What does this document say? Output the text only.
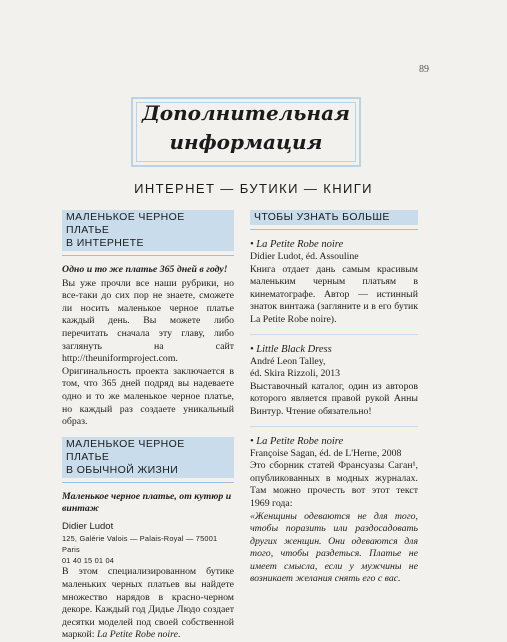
89
Дополнительная
информация
ИНТЕРНЕТ — БУТИКИ — КНИГИ
МАЛЕНЬКОЕ ЧЕРНОЕ ПЛАТЬЕ
В ИНТЕРНЕТЕ

Одно и то же платье 365 дней в году!

Вы уже прочли все наши рубрики, но все-таки до сих пор не знаете, сможете ли носить маленькое черное платье каждый день. Вы можете либо перечитать сначала эту главу, либо заглянуть на сайт http://theuniformproject.com. Оригинальность проекта заключается в том, что 365 дней подряд вы надеваете одно и то же маленькое черное платье, но каждый раз создаете уникальный образ.

МАЛЕНЬКОЕ ЧЕРНОЕ ПЛАТЬЕ
В ОБЫЧНОЙ ЖИЗНИ

Маленькое черное платье, от кутюр и винтаж

Didier Ludot

125, Galérie Valois — Palais-Royal — 75001 Paris

01 40 15 01 04

В этом специализированном бутике маленьких черных платьев вы найдете множество нарядов в красно-черном декоре. Каждый год Дидье Людо создает десятки моделей под своей собственной маркой: La Petite Robe noire.

ЧТОБЫ УЗНАТЬ БОЛЬШЕ

• La Petite Robe noire

Didier Ludot, éd. Assouline

Книга отдает дань самым красивым маленьким черным платьям в кинематографе. Автор — истинный знаток винтажа (загляните и в его бутик La Petite Robe noire).

• Little Black Dress

André Leon Talley,

éd. Skira Rizzoli, 2013

Выставочный каталог, один из авторов которого является правой рукой Анны Винтур. Чтение обязательно!

• La Petite Robe noire

Françoise Sagan, éd. de L'Herne, 2008

Это сборник статей Франсуазы Саган¹, опубликованных в модных журналах. Там можно прочесть вот этот текст 1969 года:

«Женщины одеваются не для того, чтобы поразить или раздосадовать других женщин. Они одеваются для того, чтобы раздеться. Платье не имеет смысла, если у мужчины не возникает желания снять его с вас.
